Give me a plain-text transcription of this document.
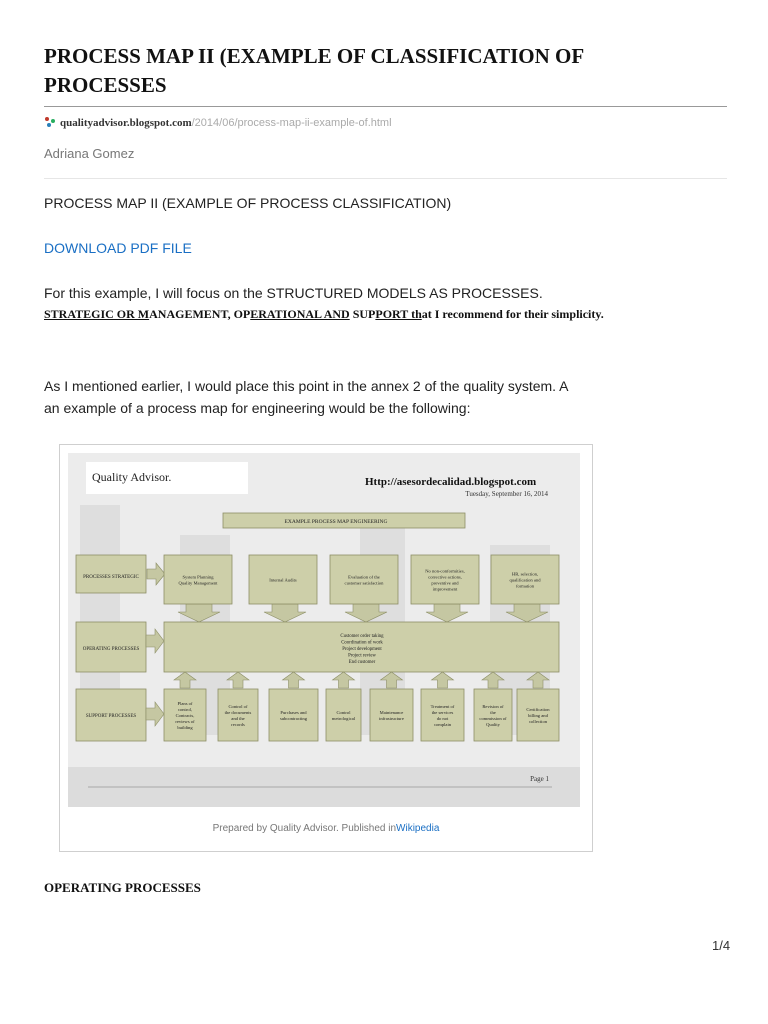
PROCESS MAP II (EXAMPLE OF CLASSIFICATION OF PROCESSES
qualityadvisor.blogspot.com/2014/06/process-map-ii-example-of.html
Adriana Gomez

PROCESS MAP II (EXAMPLE OF PROCESS CLASSIFICATION)

DOWNLOAD PDF FILE

For this example, I will focus on the STRUCTURED MODELS AS PROCESSES.

STRATEGIC OR MANAGEMENT, OPERATIONAL AND SUPPORT that I recommend for their simplicity.

As I mentioned earlier, I would place this point in the annex 2 of the quality system. A an example of a process map for engineering would be the following:

Quality Advisor.	Http://asesordecalidad.blogspot.com
Tuesday, September 16, 2014
EXAMPLE PROCESS MAP ENGINEERING
PROCESSES STRATEGIC
OPERATING PROCESSES
SUPPORT PROCESSES
System Planning
Quality Management
Internal Audits
Evaluation of the
customer satisfaction
No non-conformities,
corrective actions,
preventive and
improvement
HR, selection,
qualification and
formation
Customer order taking
Coordination of work
Project development
Project review
End customer
Plans of
control,
Contracts,
reviews of
building
Control of
the documents
and the
records
Purchases and
subcontracting
Control
metrological
Maintenance
infrastructure
Treatment of
the services
do not
complain
Revision of
the
commission of
Quality
Certification
billing and
collection
Page 1
Prepared by Quality Advisor. Published inWikipedia
OPERATING PROCESSES
1/4
